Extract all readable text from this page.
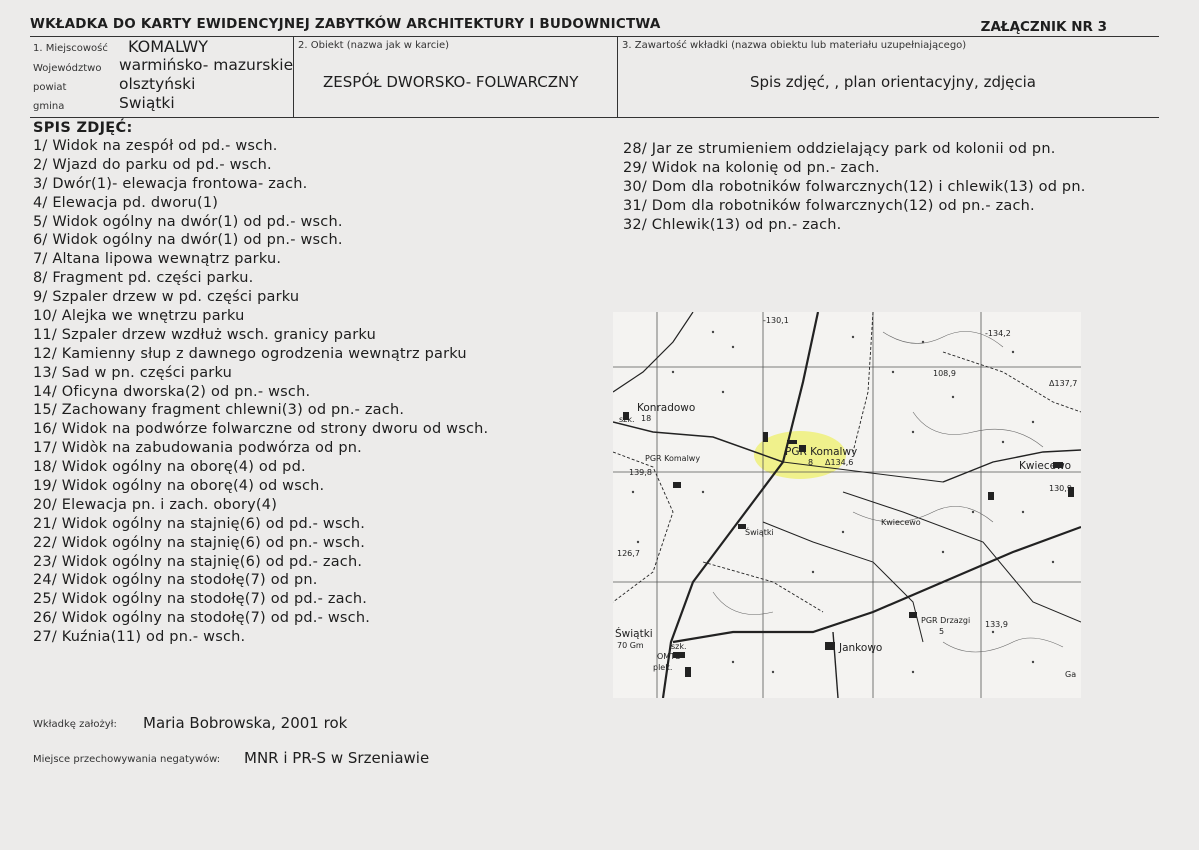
WKŁADKA DO KARTY EWIDENCYJNEJ ZABYTKÓW ARCHITEKTURY I BUDOWNICTWA	ZAŁĄCZNIK NR 3
1. Miejscowość KOMALWY
Województwo warmińsko- mazurskie
powiat	olsztyński
gmina	Swiątki
2. Obiekt (nazwa jak w karcie)
ZESPÓŁ DWORSKO- FOLWARCZNY
3. Zawartość wkładki (nazwa obiektu lub materiału uzupełniającego)
Spis zdjęć, , plan orientacyjny, zdjęcia
SPIS ZDJĘĆ:
1/ Widok na zespół od pd.- wsch.
2/ Wjazd do parku od pd.- wsch.
3/ Dwór(1)- elewacja frontowa- zach.
4/ Elewacja pd. dworu(1)
5/ Widok ogólny na dwór(1) od pd.- wsch.
6/ Widok ogólny na dwór(1) od pn.- wsch.
7/ Altana lipowa wewnątrz parku.
8/ Fragment pd. części parku.
9/ Szpaler drzew w pd. części parku
10/ Alejka we wnętrzu parku
11/ Szpaler drzew wzdłuż wsch. granicy parku
12/ Kamienny słup z dawnego ogrodzenia wewnątrz parku
13/ Sad w pn. części parku
14/ Oficyna dworska(2) od pn.- wsch.
15/ Zachowany fragment chlewni(3) od pn.- zach.
16/ Widok na podwórze folwarczne od strony dworu od wsch.
17/ Widòk na zabudowania podwórza od pn.
18/ Widok ogólny na oborę(4) od pd.
19/ Widok ogólny na oborę(4) od wsch.
20/ Elewacja pn. i zach. obory(4)
21/ Widok ogólny na stajnię(6) od pd.- wsch.
22/ Widok ogólny na stajnię(6) od pn.- wsch.
23/ Widok ogólny na stajnię(6) od pd.- zach.
24/ Widok ogólny na stodołę(7) od pn.
25/ Widok ogólny na stodołę(7) od pd.- zach.
26/ Widok ogólny na stodołę(7) od pd.- wsch.
27/ Kuźnia(11) od pn.- wsch.
28/ Jar ze strumieniem oddzielający park od kolonii od pn.
29/ Widok na kolonię od pn.- zach.
30/ Dom dla robotników folwarcznych(12) i chlewik(13) od pn.
31/ Dom dla robotników folwarcznych(12) od pn.- zach.
32/ Chlewik(13) od pn.- zach.
Konradowo
18
szk.
PGR Komalwy
139,8
PGR Komalwy
8 Δ134,6
-130,1
-134,2
Δ137,7
108,9
Kwiecewo
130,9
Kwiecewo
Świątki
126,7
Świątki
70 Gm	szk.
OMTC
plek.
Jankowo
PGR Drzazgi
5
133,9
Ga
Wkładkę założył: Maria Bobrowska, 2001 rok
Miejsce przechowywania negatywów: MNR i PR-S w Srzeniawie
